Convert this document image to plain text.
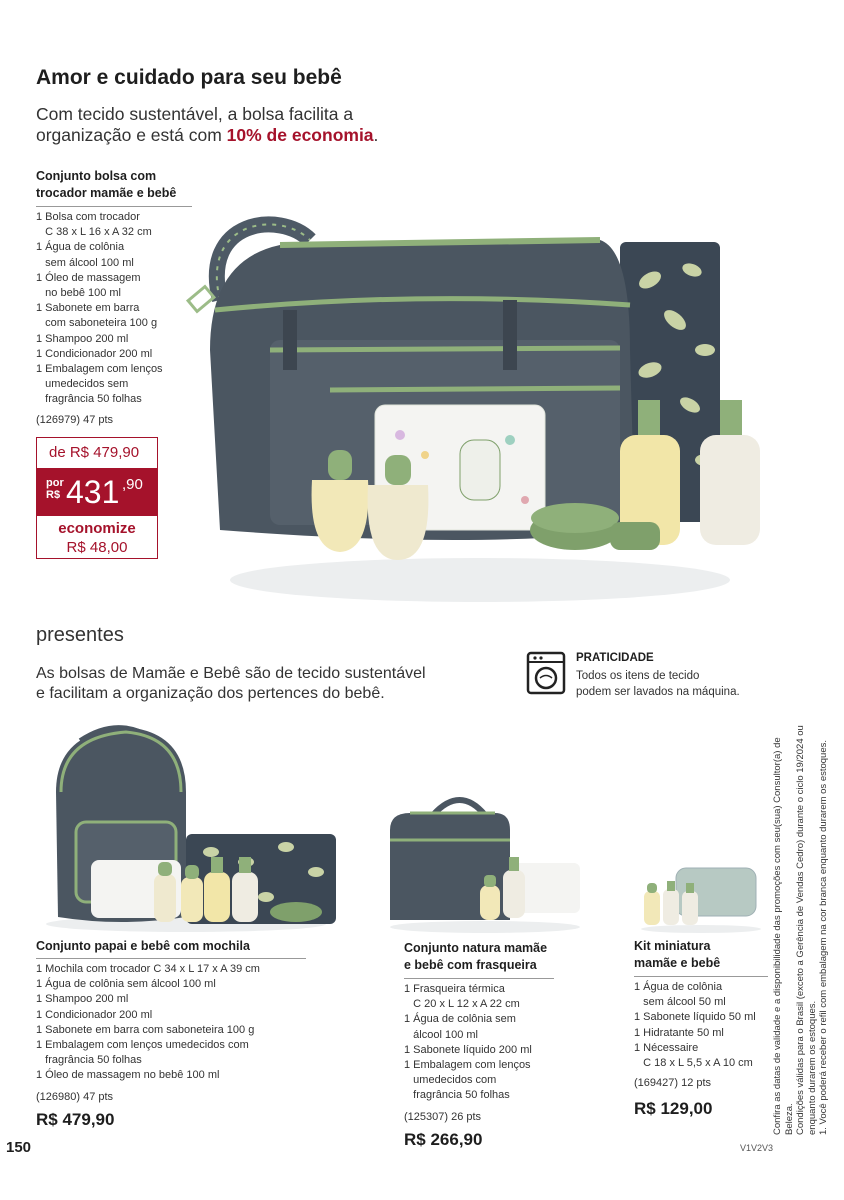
Amor e cuidado para seu bebê
Com tecido sustentável, a bolsa facilita a
organização e está com 10% de economia.
Conjunto bolsa com
trocador mamãe e bebê
1 Bolsa com trocador
C 38 x L 16 x A 32 cm
1 Água de colônia
sem álcool 100 ml
1 Óleo de massagem
no bebê 100 ml
1 Sabonete em barra
com saboneteira 100 g
1 Shampoo 200 ml
1 Condicionador 200 ml
1 Embalagem com lenços
umedecidos sem
fragrância 50 folhas
(126979) 47 pts
de R$ 479,90
por
R$ 431 ,90
economize
R$ 48,00
presentes
As bolsas de Mamãe e Bebê são de tecido sustentável
e facilitam a organização dos pertences do bebê.
PRATICIDADE
Todos os itens de tecido
podem ser lavados na máquina.
Conjunto papai e bebê com mochila
1 Mochila com trocador C 34 x L 17 x A 39 cm
1 Água de colônia sem álcool 100 ml
1 Shampoo 200 ml
1 Condicionador 200 ml
1 Sabonete em barra com saboneteira 100 g
1 Embalagem com lenços umedecidos com
fragrância 50 folhas
1 Óleo de massagem no bebê 100 ml
(126980) 47 pts
R$ 479,90
Conjunto natura mamãe
e bebê com frasqueira
1 Frasqueira térmica
C 20 x L 12 x A 22 cm
1 Água de colônia sem
álcool 100 ml
1 Sabonete líquido 200 ml
1 Embalagem com lenços
umedecidos com
fragrância 50 folhas
(125307) 26 pts
R$ 266,90
Kit miniatura
mamãe e bebê
1 Água de colônia
sem álcool 50 ml
1 Sabonete líquido 50 ml
1 Hidratante 50 ml
1 Nécessaire
C 18 x L 5,5 x A 10 cm
(169427) 12 pts
R$ 129,00
150	V1V2V3
Confira as datas de validade e a disponibilidade das promoções com seu(sua) Consultor(a) de Beleza. Condições válidas para o Brasil (exceto a Gerência de Vendas Cedro) durante o ciclo 19/2024 ou enquanto durarem os estoques. 1. Você poderá receber o refil com embalagem na cor branca enquanto durarem os estoques.
